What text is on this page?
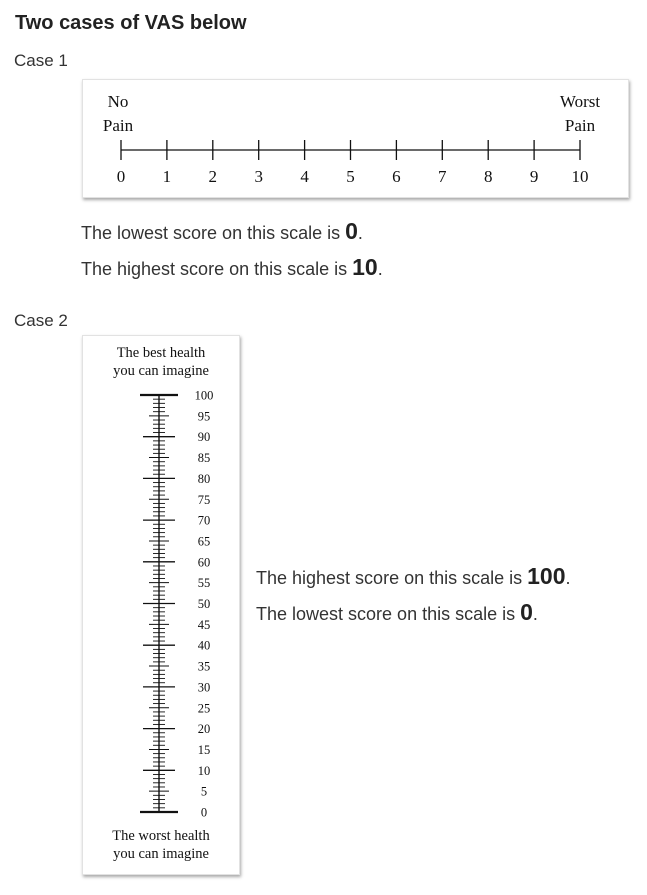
Two cases of VAS below
Case 1
No
Pain
Worst
Pain
0 1 2 3 4 5 6 7 8 9 10
The lowest score on this scale is 0.
The highest score on this scale is 10.
Case 2
The best health
you can imagine
100
95
90
85
80
75
70
65
60
55
50
45
40
35
30
25
20
15
10
5
0
The worst health
you can imagine
The highest score on this scale is 100.
The lowest score on this scale is 0.
